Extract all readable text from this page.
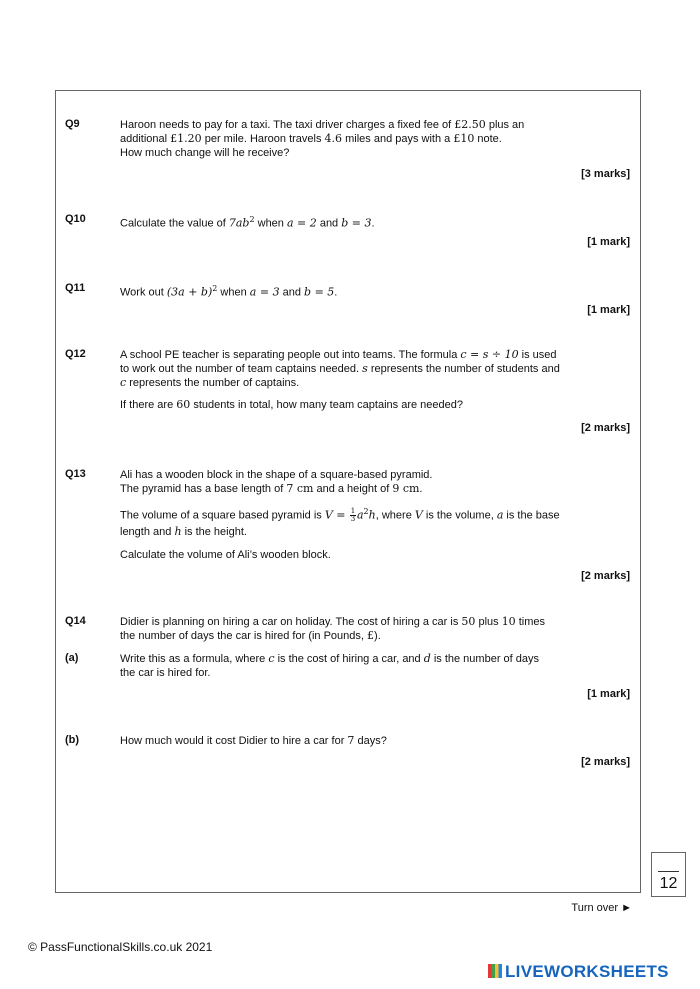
Q9	Haroon needs to pay for a taxi. The taxi driver charges a fixed fee of £2.50 plus an

additional £1.20 per mile. Haroon travels 4.6 miles and pays with a £10 note.

How much change will he receive?

[3 marks]
Q10	Calculate the value of $7ab^2$ when a = 2 and b = 3.
[1 mark]
Q11	Work out $(3a + b)^2$ when a = 3 and b = 5.
[1 mark]
Q12	A school PE teacher is separating people out into teams. The formula c = s ÷ 10 is used to work out the number of team captains needed. s represents the number of students and c represents the number of captains.

If there are 60 students in total, how many team captains are needed?

[2 marks]
Q13	Ali has a wooden block in the shape of a square-based pyramid.

The pyramid has a base length of 7 cm and a height of 9 cm.

The volume of a square based pyramid is $V = \frac{1}{3} a^2h$, where V is the volume, a is the base length and h is the height.

Calculate the volume of Ali’s wooden block.

[2 marks]
Q14	Didier is planning on hiring a car on holiday. The cost of hiring a car is 50 plus 10 times the number of days the car is hired for (in Pounds, £).
(a)	Write this as a formula, where c is the cost of hiring a car, and d is the number of days the car is hired for.
[1 mark]
(b)	How much would it cost Didier to hire a car for 7 days?
[2 marks]
12
Turn over ►
© PassFunctionalSkills.co.uk 2021
LIVEWORKSHEETS
